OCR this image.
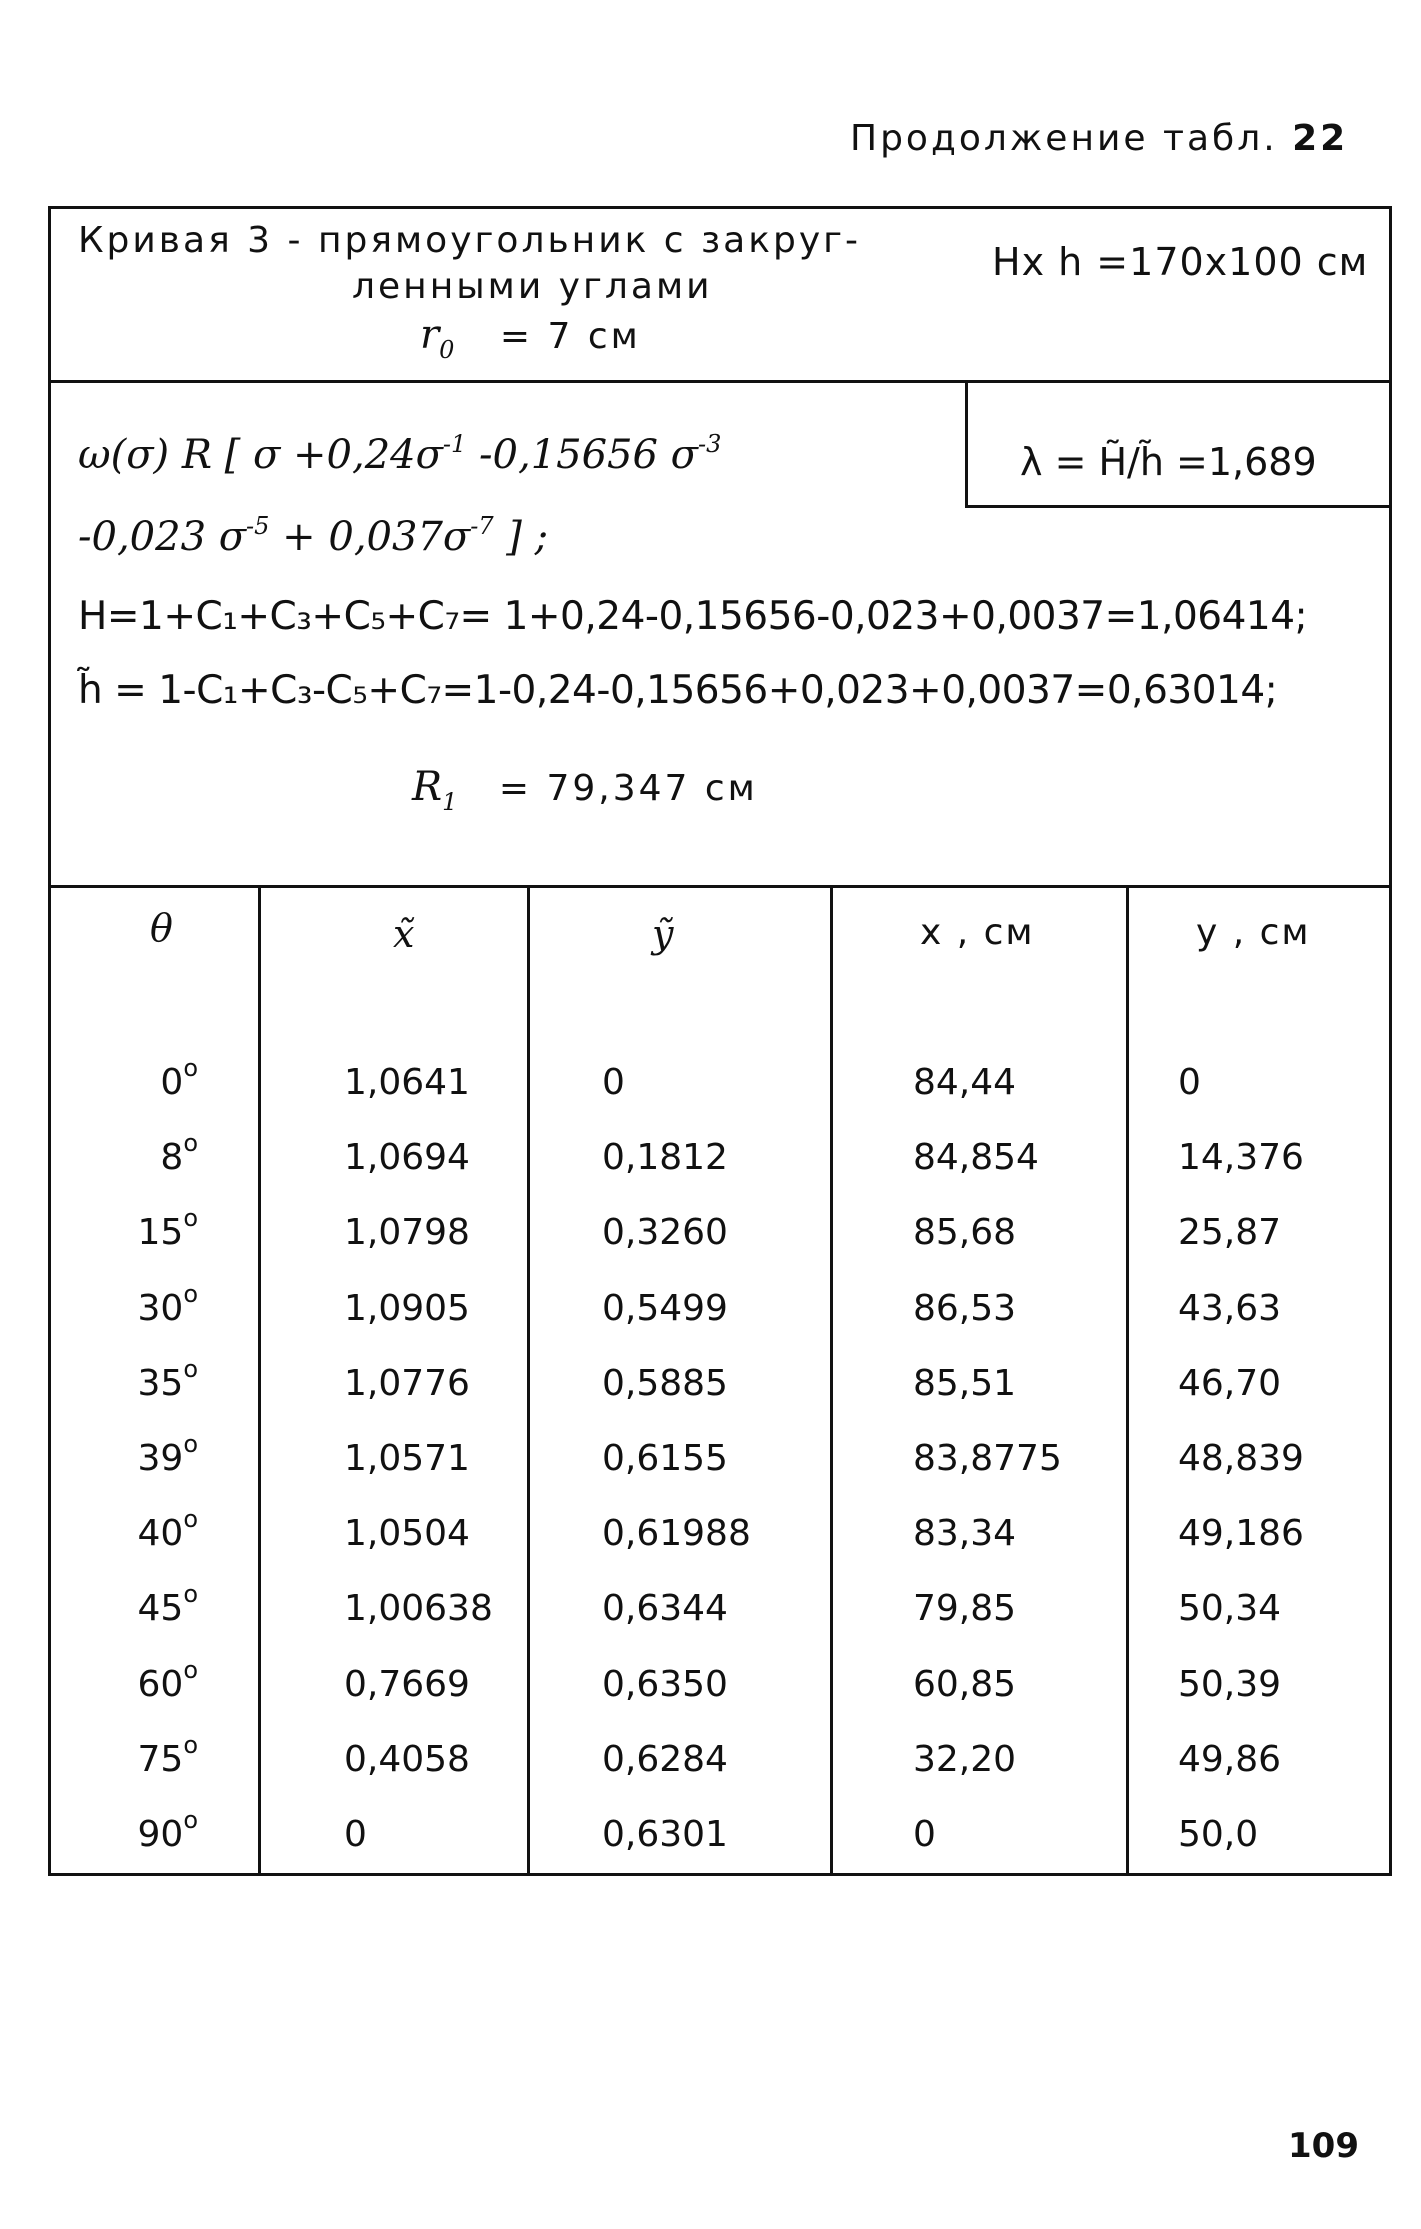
Продолжение табл. 22
Кривая 3 - прямоугольник с закруг-
ленными углами
$r_0 = 7$ см
Hx h =170x100 см
ω(σ) R [ $\sigma +0,24\sigma^{-1}$ -0,15656 $\sigma^{-3}$	λ = H̃/h̃ =1,689
-0,023 $\sigma^{-5} + 0,037\sigma^{-7}$ ] ;
H=1+C₁+C₃+C₅+C₇= 1+0,24-0,15656-0,023+0,0037=1,06414;
h̃ = 1-C₁+C₃-C₅+C₇=1-0,24-0,15656+0,023+0,0037=0,63014;
$R_1 = 79,347$ см
θ	x̃	ỹ	x , см	y , см
0$^o$	1,0641	0	84,44	0
8$^o$	1,0694	0,1812	84,854	14,376
15$^o$	1,0798	0,3260	85,68	25,87
30$^o$	1,0905	0,5499	86,53	43,63
35$^o$	1,0776	0,5885	85,51	46,70
39$^o$	1,0571	0,6155	83,8775	48,839
40$^o$	1,0504	0,61988	83,34	49,186
45$^o$	1,00638	0,6344	79,85	50,34
60$^o$	0,7669	0,6350	60,85	50,39
75$^o$	0,4058	0,6284	32,20	49,86
90$^o$	0	0,6301	0	50,0
109
